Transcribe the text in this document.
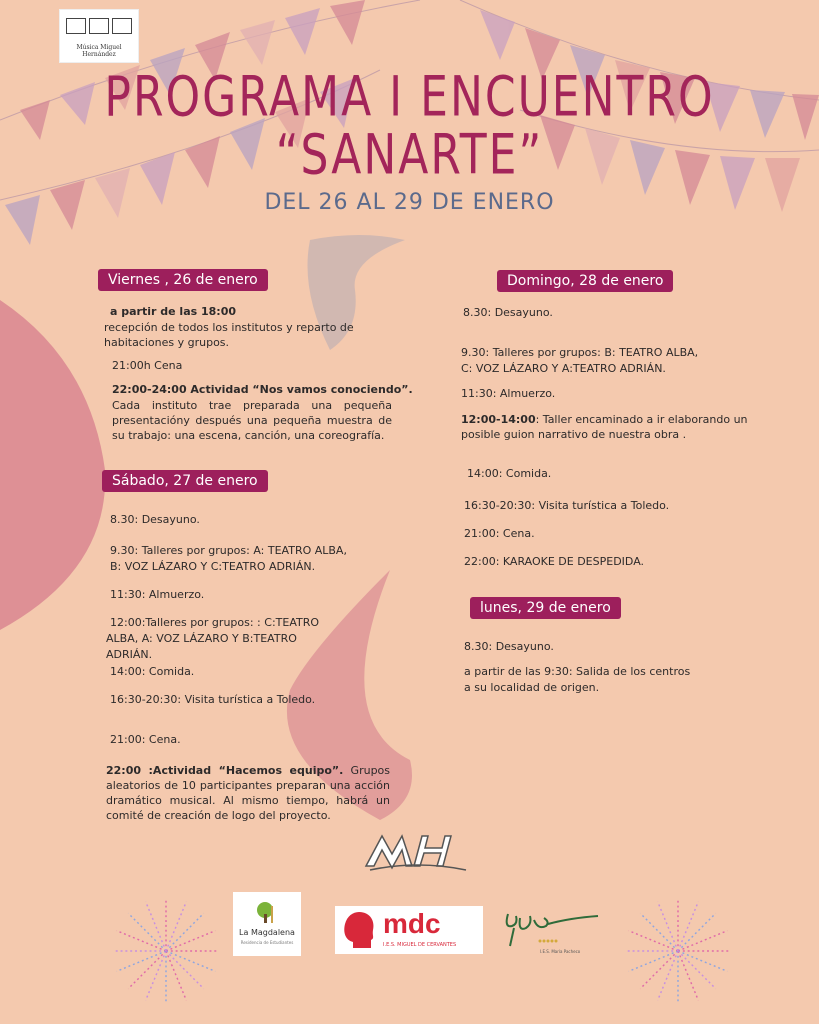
Música Miguel Hernández
PROGRAMA I ENCUENTRO
“SANARTE”
DEL 26 AL 29 DE ENERO
Viernes , 26 de enero
a partir de las 18:00
recepción de todos los institutos y reparto de habitaciones y grupos.
21:00h Cena
22:00-24:00 Actividad “Nos vamos conociendo”.
Cada instituto trae preparada una pequeña presentacióny después una pequeña muestra de su trabajo: una escena, canción, una coreografía.
Sábado, 27 de enero
8.30: Desayuno.
9.30: Talleres por grupos: A: TEATRO ALBA,
B: VOZ LÁZARO Y C:TEATRO ADRIÁN.
11:30: Almuerzo.
12:00:Talleres por grupos: : C:TEATRO
ALBA, A: VOZ LÁZARO Y B:TEATRO
ADRIÁN.
14:00: Comida.
16:30-20:30: Visita turística a Toledo.
21:00: Cena.
22:00 :Actividad “Hacemos equipo”. Grupos aleatorios de 10 participantes preparan una acción dramático musical. Al mismo tiempo, habrá un comité de creación de logo del proyecto.
Domingo, 28 de enero
8.30: Desayuno.
9.30: Talleres por grupos: B: TEATRO ALBA,
C: VOZ LÁZARO Y A:TEATRO ADRIÁN.
11:30: Almuerzo.
12:00-14:00: Taller encaminado a ir elaborando un posible guion narrativo de nuestra obra .
14:00: Comida.
16:30-20:30: Visita turística a Toledo.
21:00: Cena.
22:00: KARAOKE DE DESPEDIDA.
lunes, 29 de enero
8.30: Desayuno.
a partir de las 9:30: Salida de los centros
a su localidad de origen.
La Magdalena
Residencia de Estudiantes
mdc
I.E.S. MIGUEL DE CERVANTES
I.E.S. María Pacheco
